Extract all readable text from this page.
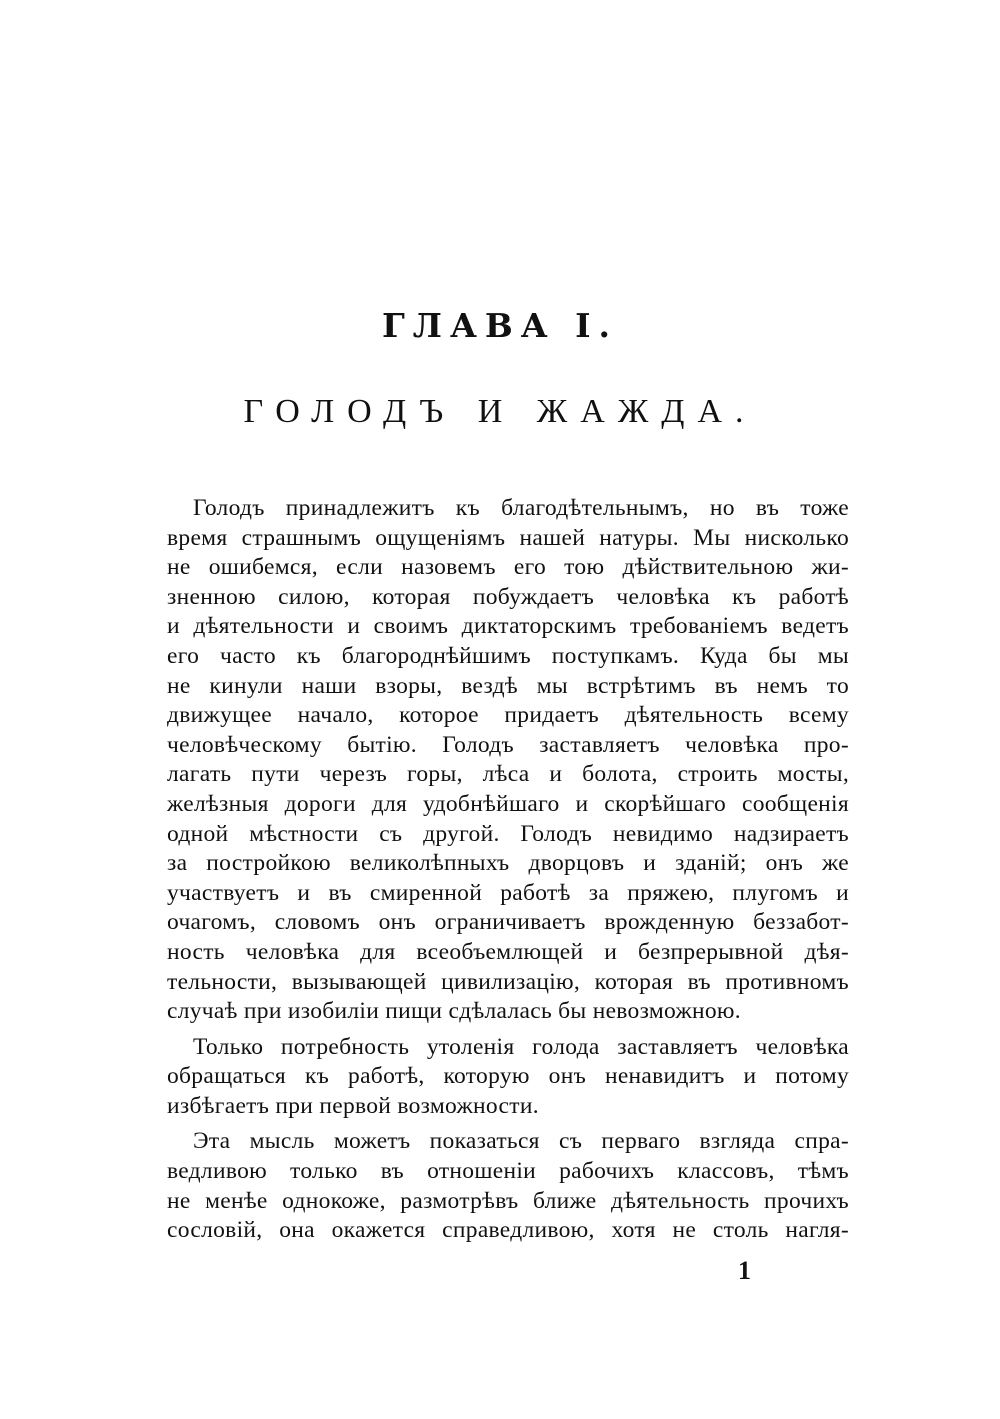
ГЛАВА I.
ГОЛОДЪ И ЖАЖДА.
Голодъ принадлежитъ къ благодѣтельнымъ, но въ тоже
время страшнымъ ощущеніямъ нашей натуры. Мы нисколько
не ошибемся, если назовемъ его тою дѣйствительною жи-
зненною силою, которая побуждаетъ человѣка къ работѣ
и дѣятельности и своимъ диктаторскимъ требованіемъ ведетъ
его часто къ благороднѣйшимъ поступкамъ. Куда бы мы
не кинули наши взоры, вездѣ мы встрѣтимъ въ немъ то
движущее начало, которое придаетъ дѣятельность всему
человѣческому бытію. Голодъ заставляетъ человѣка про-
лагать пути черезъ горы, лѣса и болота, строить мосты,
желѣзныя дороги для удобнѣйшаго и скорѣйшаго сообщенія
одной мѣстности съ другой. Голодъ невидимо надзираетъ
за постройкою великолѣпныхъ дворцовъ и зданій; онъ же
участвуетъ и въ смиренной работѣ за пряжею, плугомъ и
очагомъ, словомъ онъ ограничиваетъ врожденную беззабот-
ность человѣка для всеобъемлющей и безпрерывной дѣя-
тельности, вызывающей цивилизацію, которая въ противномъ
случаѣ при изобиліи пищи сдѣлалась бы невозможною.
Только потребность утоленія голода заставляетъ человѣка
обращаться къ работѣ, которую онъ ненавидитъ и потому
избѣгаетъ при первой возможности.
Эта мысль можетъ показаться съ перваго взгляда спра-
ведливою только въ отношеніи рабочихъ классовъ, тѣмъ
не менѣе однокоже, размотрѣвъ ближе дѣятельность прочихъ
сословій, она окажется справедливою, хотя не столь нагля-
1
